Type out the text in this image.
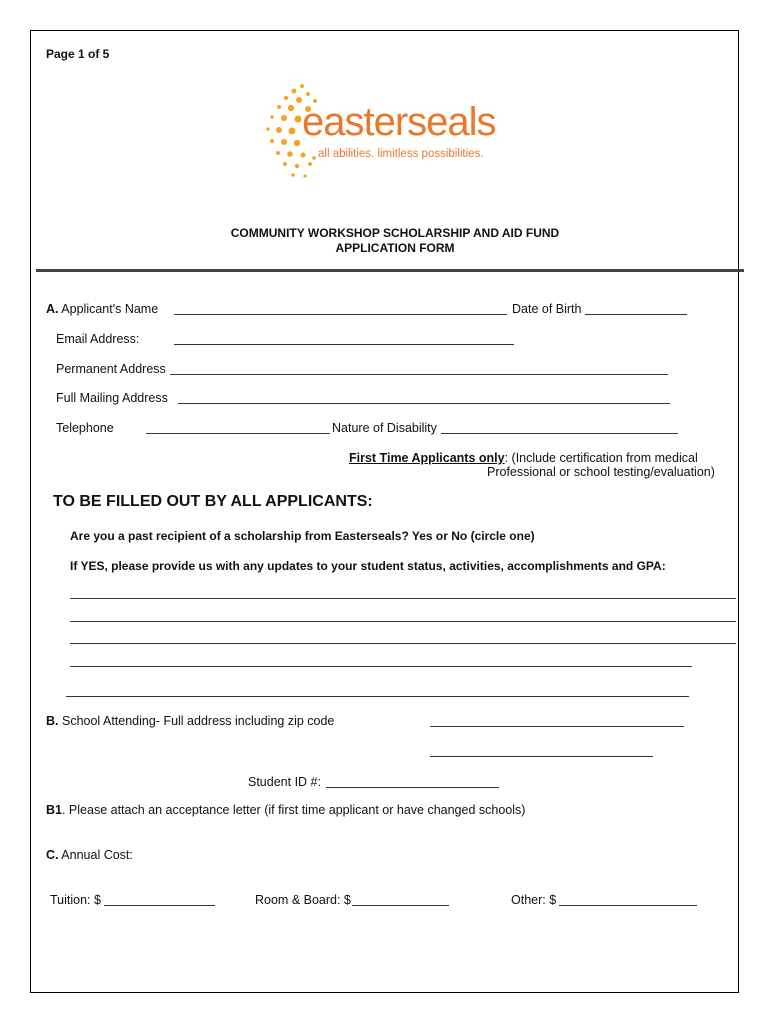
Page 1 of 5
easterseals
all abilities. limitless possibilities.
COMMUNITY WORKSHOP SCHOLARSHIP AND AID FUND
APPLICATION FORM
A. Applicant's Name	Date of Birth
Email Address:
Permanent Address
Full Mailing Address
Telephone	Nature of Disability
First Time Applicants only: (Include certification from medical
Professional or school testing/evaluation)
TO BE FILLED OUT BY ALL APPLICANTS:
Are you a past recipient of a scholarship from Easterseals? Yes or No (circle one)
If YES, please provide us with any updates to your student status, activities, accomplishments and GPA:
B. School Attending- Full address including zip code
Student ID #:
B1. Please attach an acceptance letter (if first time applicant or have changed schools)
C. Annual Cost:
Tuition: $	Room & Board: $	Other: $
